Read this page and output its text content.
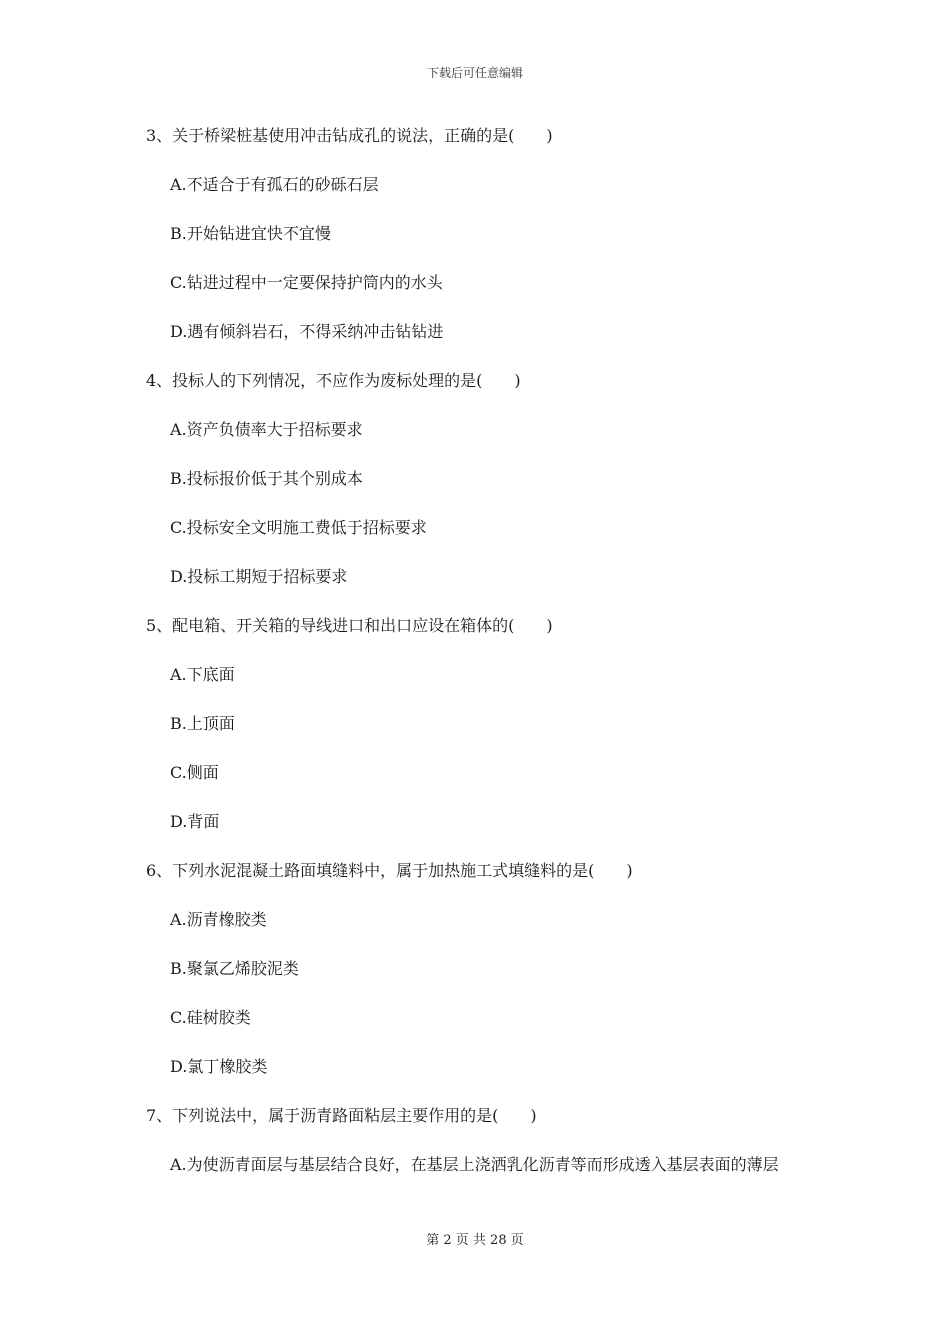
下载后可任意编辑
3、关于桥梁桩基使用冲击钻成孔的说法，正确的是(　　)
A.不适合于有孤石的砂砾石层
B.开始钻进宜快不宜慢
C.钻进过程中一定要保持护筒内的水头
D.遇有倾斜岩石，不得采纳冲击钻钻进
4、投标人的下列情况，不应作为废标处理的是(　　)
A.资产负债率大于招标要求
B.投标报价低于其个别成本
C.投标安全文明施工费低于招标要求
D.投标工期短于招标要求
5、配电箱、开关箱的导线进口和出口应设在箱体的(　　)
A.下底面
B.上顶面
C.侧面
D.背面
6、下列水泥混凝土路面填缝料中，属于加热施工式填缝料的是(　　)
A.沥青橡胶类
B.聚氯乙烯胶泥类
C.硅树胶类
D.氯丁橡胶类
7、下列说法中，属于沥青路面粘层主要作用的是(　　)
A.为使沥青面层与基层结合良好，在基层上浇洒乳化沥青等而形成透入基层表面的薄层
第 2 页 共 28 页
